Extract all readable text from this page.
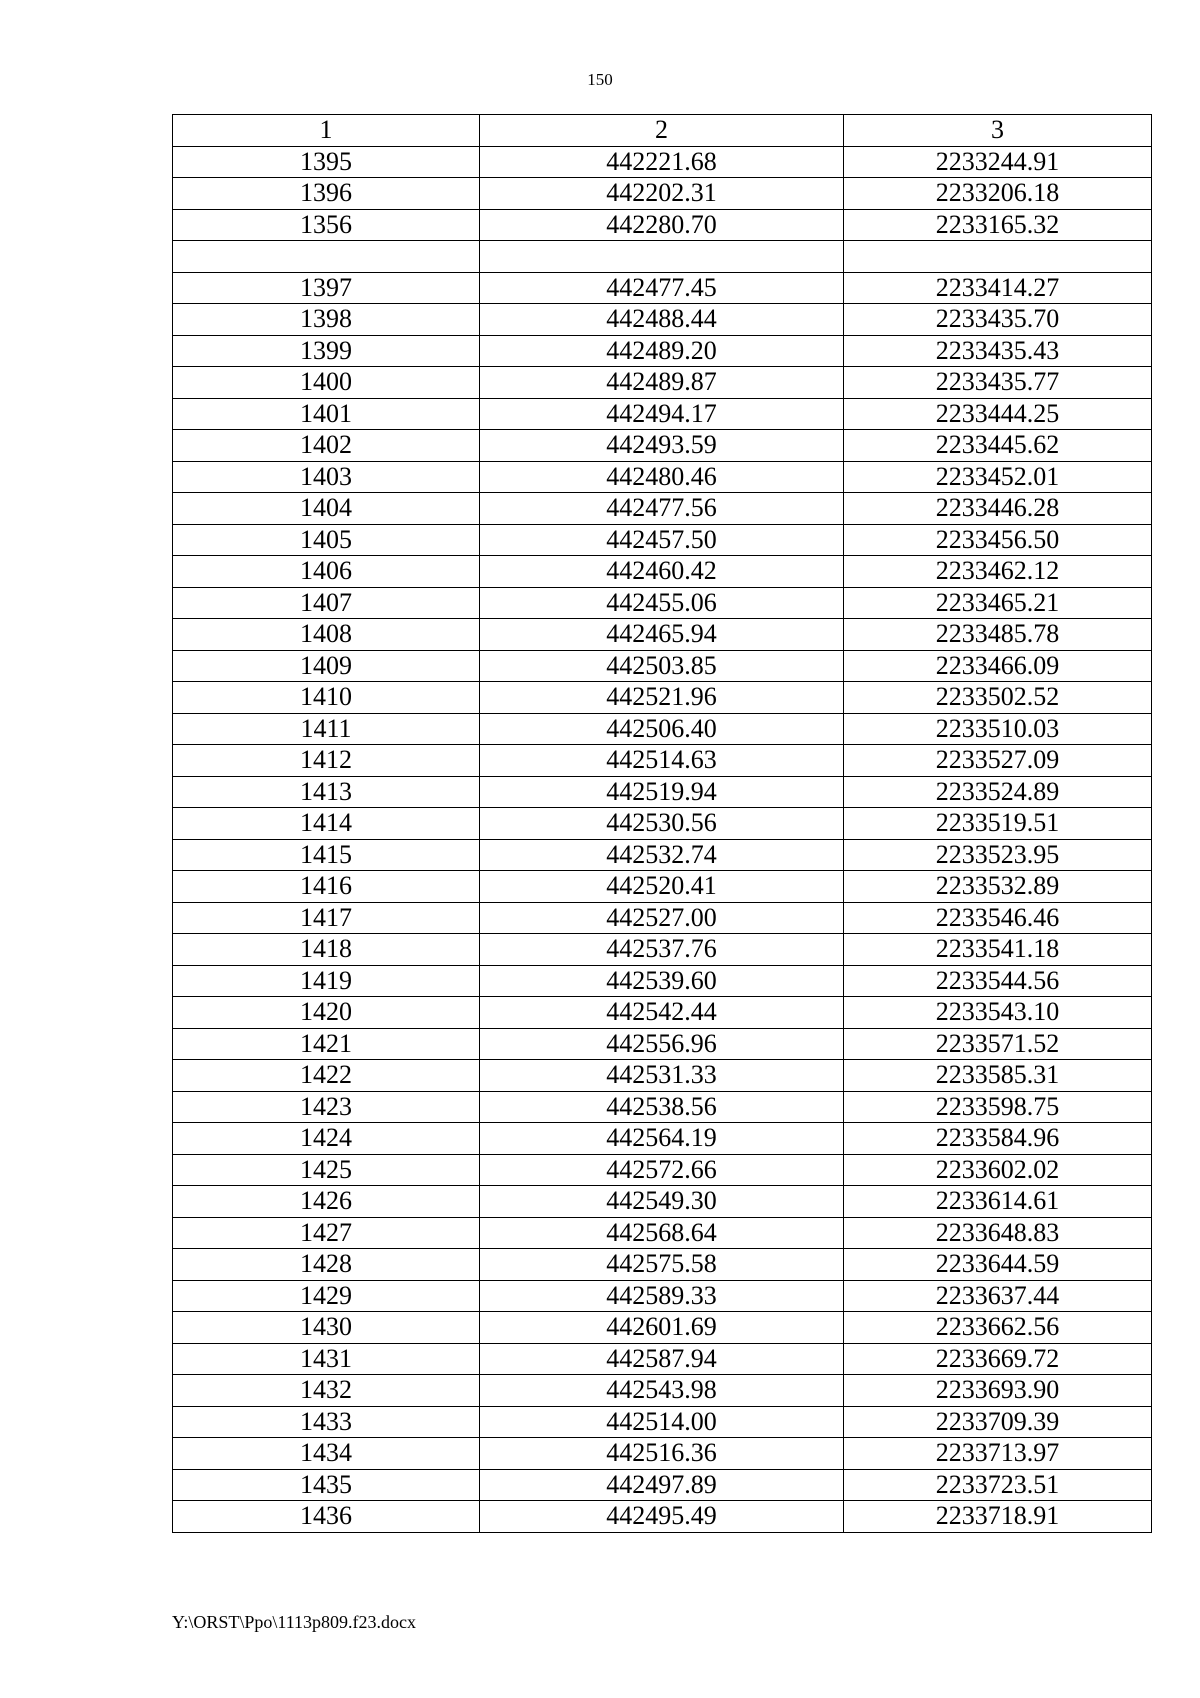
150
1	2	3
1395	442221.68	2233244.91
1396	442202.31	2233206.18
1356	442280.70	2233165.32

1397	442477.45	2233414.27
1398	442488.44	2233435.70
1399	442489.20	2233435.43
1400	442489.87	2233435.77
1401	442494.17	2233444.25
1402	442493.59	2233445.62
1403	442480.46	2233452.01
1404	442477.56	2233446.28
1405	442457.50	2233456.50
1406	442460.42	2233462.12
1407	442455.06	2233465.21
1408	442465.94	2233485.78
1409	442503.85	2233466.09
1410	442521.96	2233502.52
1411	442506.40	2233510.03
1412	442514.63	2233527.09
1413	442519.94	2233524.89
1414	442530.56	2233519.51
1415	442532.74	2233523.95
1416	442520.41	2233532.89
1417	442527.00	2233546.46
1418	442537.76	2233541.18
1419	442539.60	2233544.56
1420	442542.44	2233543.10
1421	442556.96	2233571.52
1422	442531.33	2233585.31
1423	442538.56	2233598.75
1424	442564.19	2233584.96
1425	442572.66	2233602.02
1426	442549.30	2233614.61
1427	442568.64	2233648.83
1428	442575.58	2233644.59
1429	442589.33	2233637.44
1430	442601.69	2233662.56
1431	442587.94	2233669.72
1432	442543.98	2233693.90
1433	442514.00	2233709.39
1434	442516.36	2233713.97
1435	442497.89	2233723.51
1436	442495.49	2233718.91
Y:\ORST\Ppo\1113p809.f23.docx
